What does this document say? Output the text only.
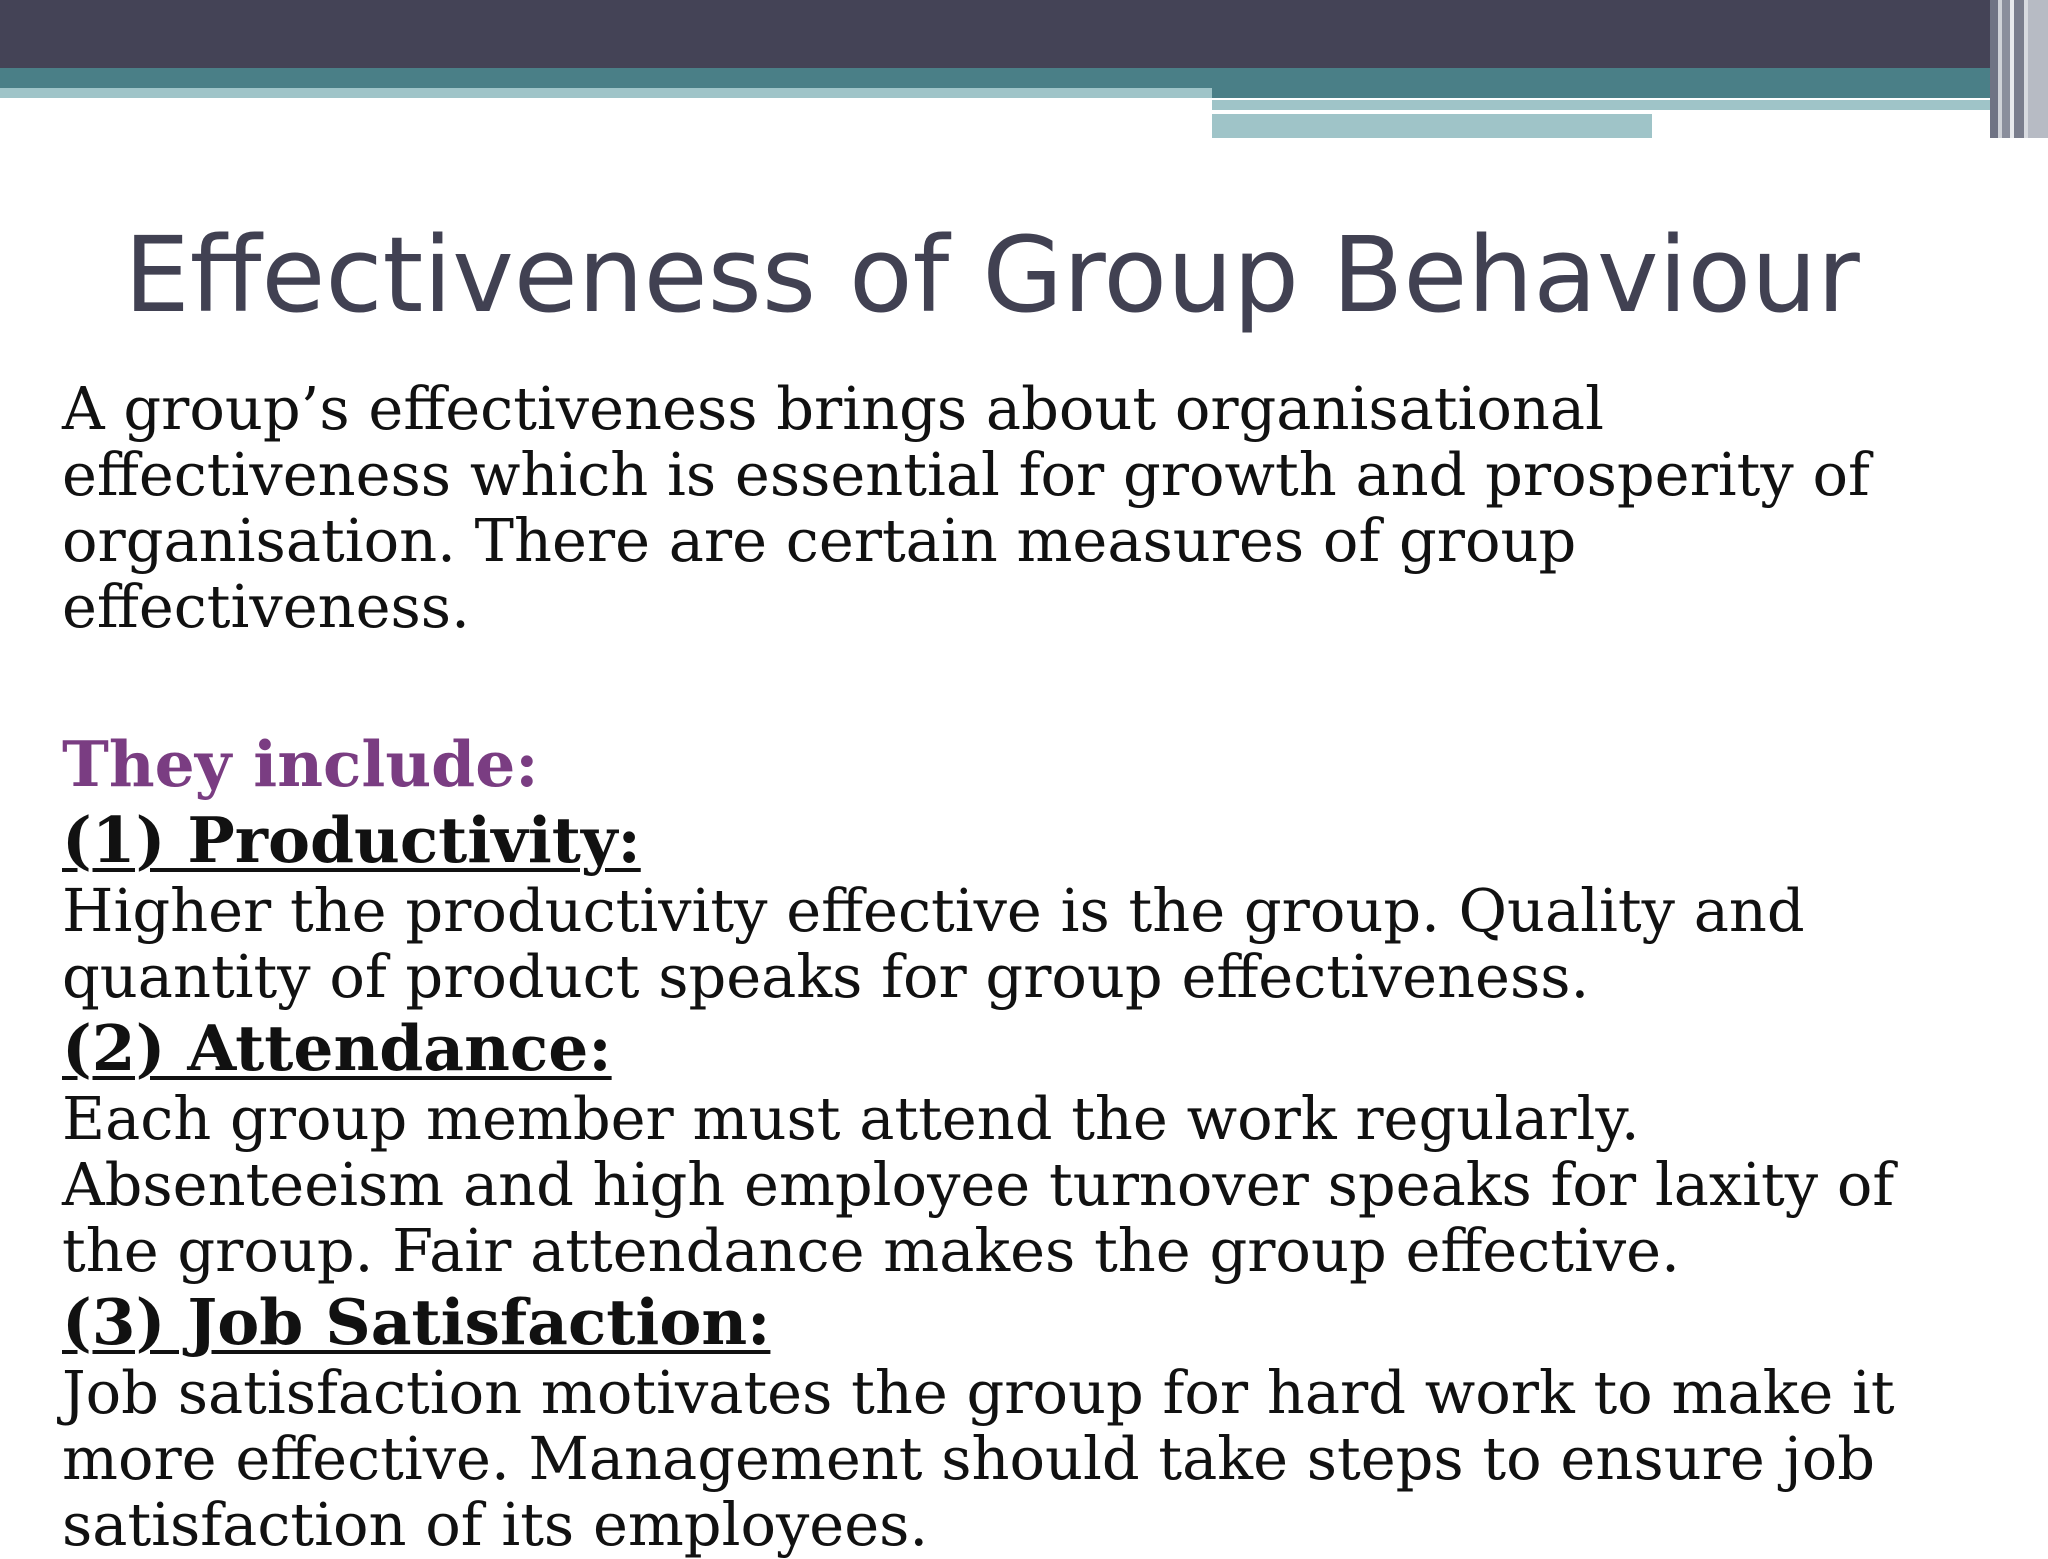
Effectiveness of Group Behaviour

A group’s effectiveness brings about organisational effectiveness which is essential for growth and prosperity of organisation. There are certain measures of group effectiveness.

They include:

(1) Productivity:

Higher the productivity effective is the group. Quality and quantity of product speaks for group effectiveness.

(2) Attendance:

Each group member must attend the work regularly. Absenteeism and high employee turnover speaks for laxity of the group. Fair attendance makes the group effective.

(3) Job Satisfaction:

Job satisfaction motivates the group for hard work to make it more effective. Management should take steps to ensure job satisfaction of its employees.
